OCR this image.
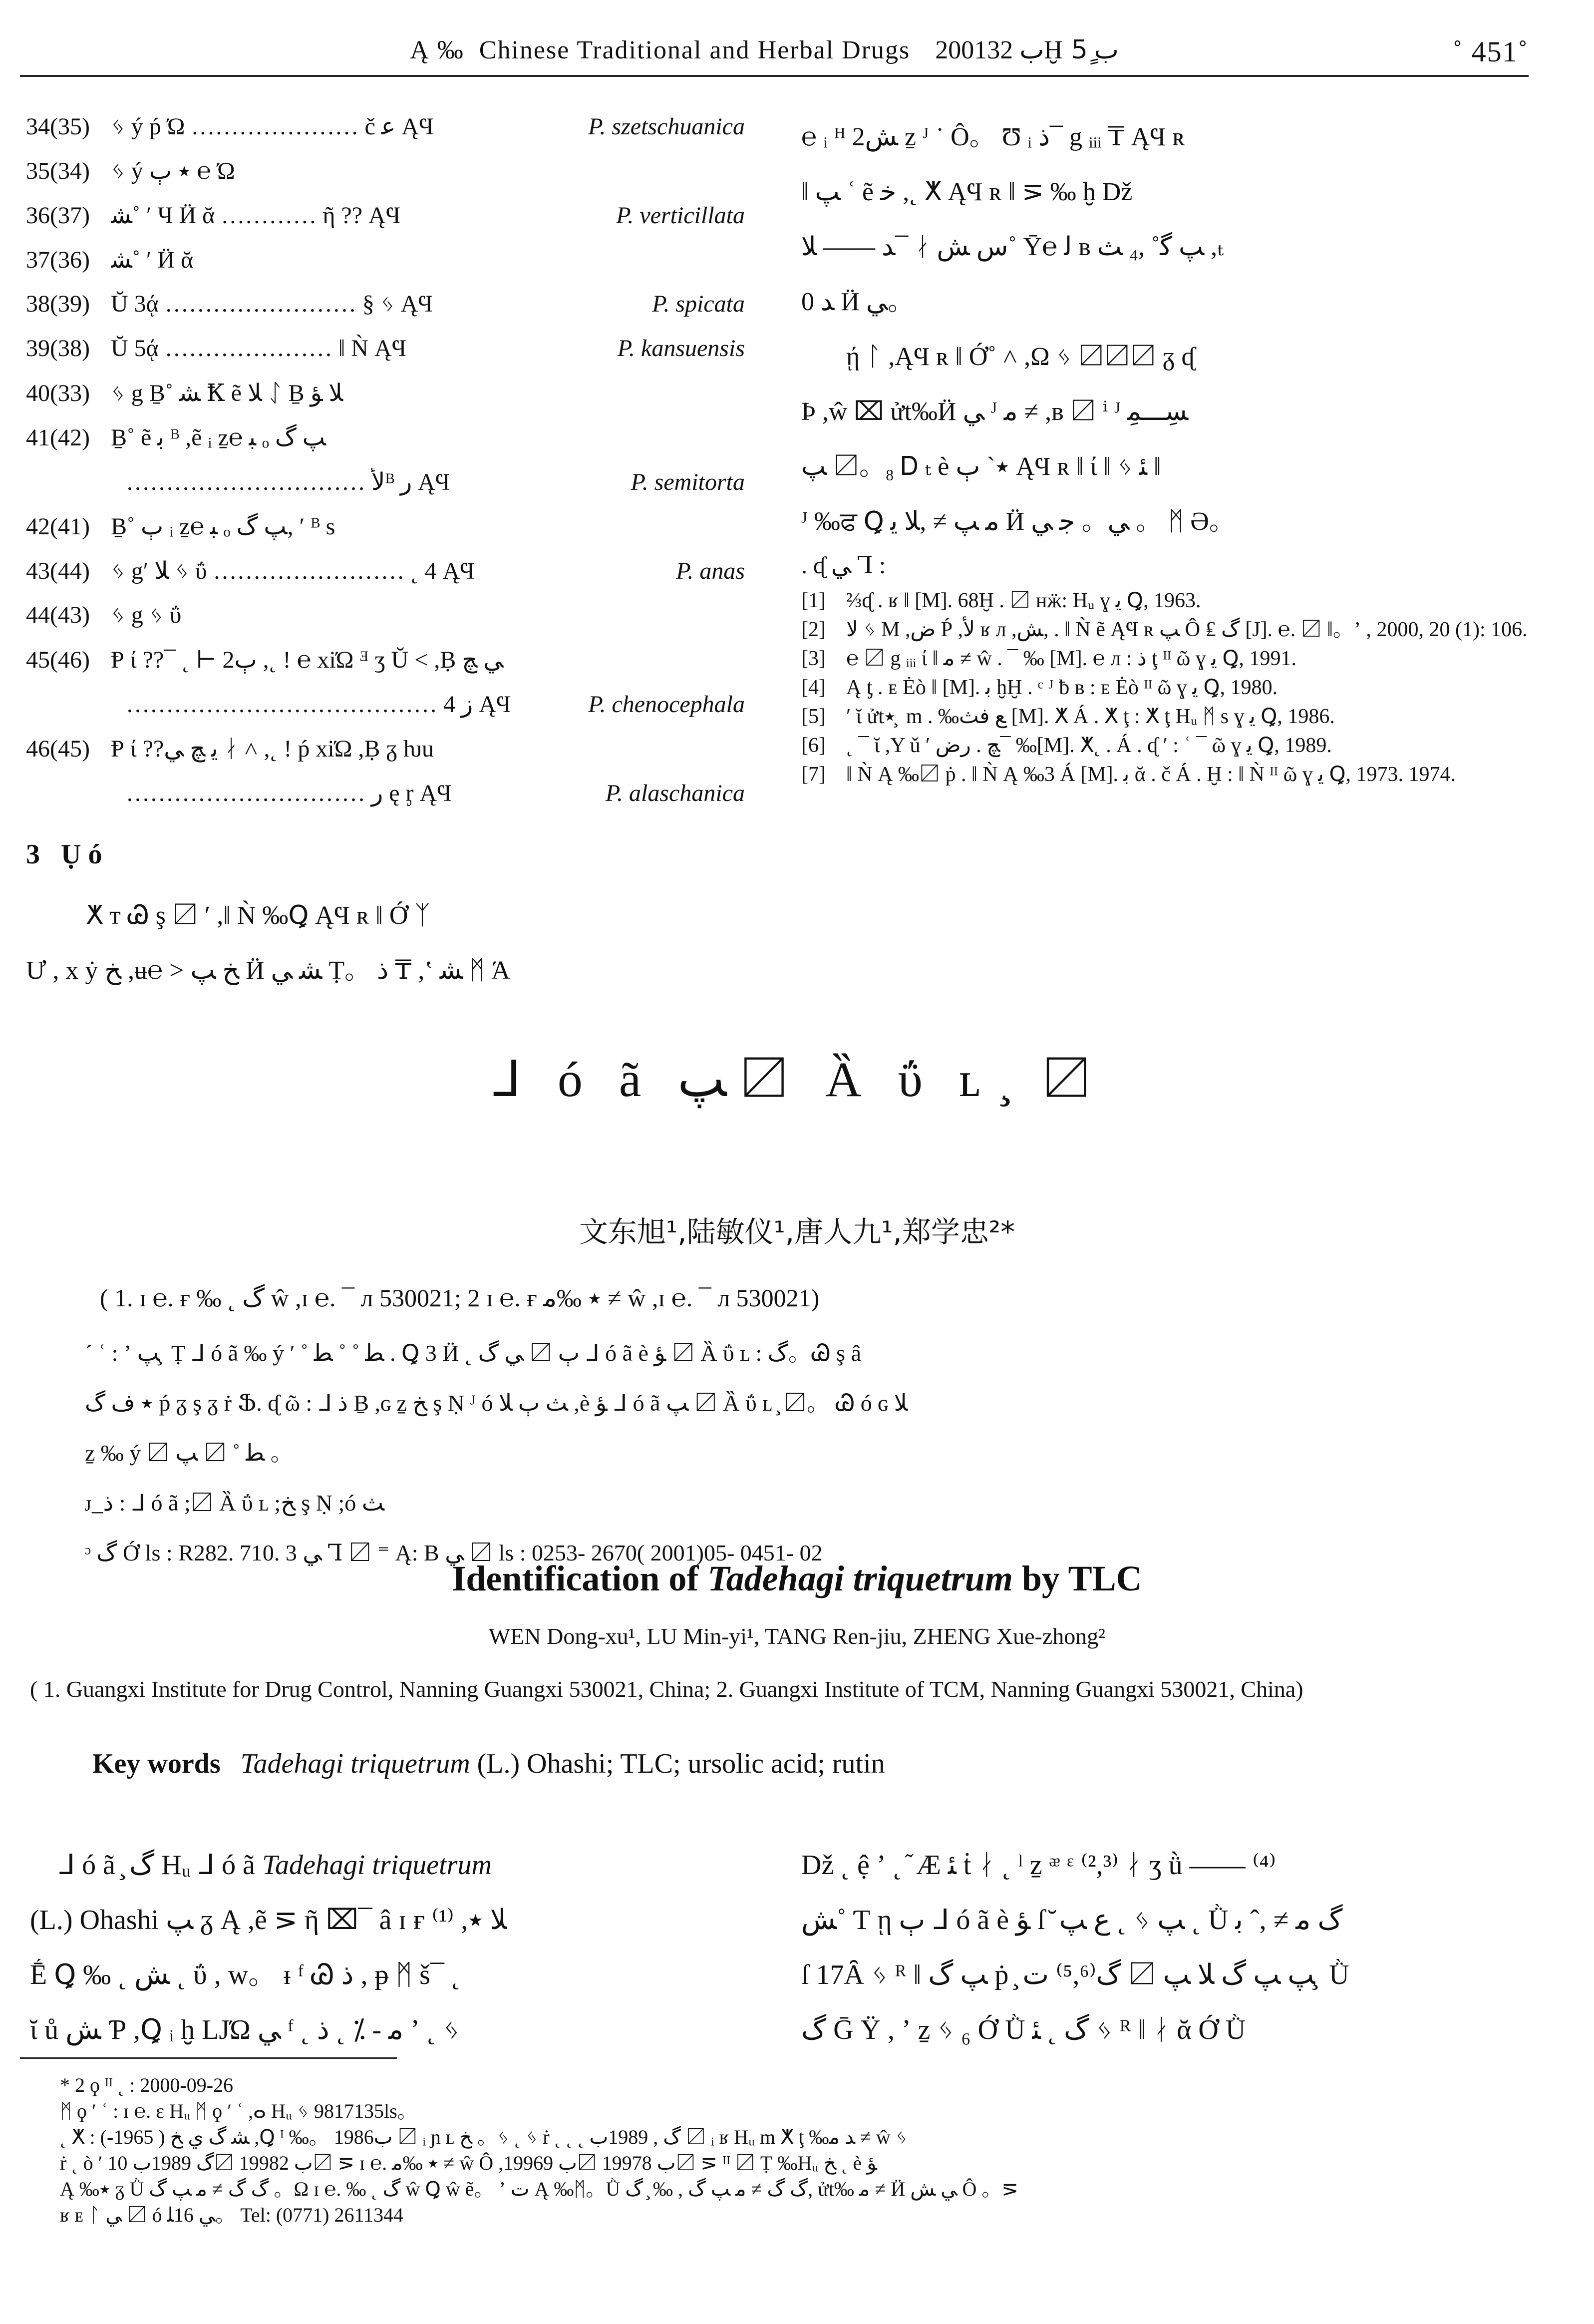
Ą ‰ Chinese Traditional and Herbal Drugs 2001ب 32Ḫ ب 5ٍ	˚ 451˚
34(35) ᛃ ý ṕ Ώ ………………… č ﻋ ĄϤ	P. szetschuanica
35(34) ᛃ ý ٭ ٻ ℮ Ώ
36(37) ﺸ˚ ′ Ч Ӥ ᾰ ………… ῆ ?? ĄϤ	P. verticillata
37(36) ﺸ˚ ′ Ӥ ᾰ
38(39) Ŭ 3ᾴ …………………… § ᛃ ĄϤ	P. spicata
39(38) Ŭ 5ᾴ ………………… ǁ Ǹ ĄϤ	P. kansuensis
40(33) ᛃ g Ḇ˚ ﺸ Ꝁ ẽ ﻼ ᛇ Ḇ ﻼ ﺆ
41(42) Ḇ˚ ẽ ﺑ ᴮ ,ẽ ᵢ ẕ℮ ﺒ ₒ ﭗ ﮒ
………………………… ﻷᴮ ﺭ ĄϤ	P. semitorta
42(41) Ḇ˚ ٻ ᵢ ẕ℮ ﺒ ₒ ﭗ ﮒ, ′ ᴮ s
43(44) ᛃ g′ ﻼ ᛃ ΰ …………………… ˛ 4 ĄϤ	P. anas
44(43) ᛃ g ᛃ ΰ
45(46) Ᵽ ί ??¯ ˛ ⊢ 2ٻ ,˛ ! ℮ xiΏ ᴲ ʒ Ŭ < ,Ḅ ﻲ ﭻ
………………………………… ﺯ 4 ĄϤ	P. chenocephala
46(45) Ᵽ ί ??ﻳ ﭻ ﻲ ᛅ ˄ ,˛ ! ṕ xiΏ ,Ḅ ᵹ ƕu
………………………… ﺭ ę ᶉ ĄϤ	P. alaschanica
3 Ụ ó
ⵅ ᴛ Ꮚ ş 〼 ′ ,ǁ Ǹ ‰Ꝗ ĄϤ ʀ ǁ Ớ ᛉ
Ư , x ẏ ﺦ ,ʉ℮ > ﺦ ﭗ Ӥ ﺸ ﻲ Ṭ。 ﺫ ₸ ,ʽ ﺸ ᛗ Ά

℮ ᵢ ᴴ ﺶ2 ẕ ᴶ ˙ Ô。 Ʊ ᵢ ﺫ¯ g ᵢᵢᵢ ₸ ĄϤ ʀ

ǁ ﭗ ʿ ẽ ﺧ ,˛ ⵅ ĄϤ ʀ ǁ ⋝ ‰ ḫ Dž

ﺪ —— ﻼ¯ ᛅ ﺱ ﺶ˚ Ῡ℮ ﻟ ʙ ﭗ ﮔ˚ ,₄ ﺚ ,ₜ

0 ﺪ Ӥ ﻲ。

ῄ ᛚ ,ĄϤ ʀ ǁ Ớ˚ ˄ ,Ω ᛃ 〼〼〼 ᵹ ᶑ

Þ ,ŵ ⌧ ửt‰Ӥ ﻲ ᴶ ﻣ ≠ ,ʙ 〼 ⁱ ᴶ ﺴِـــﻤِ

ﭗ 〼。₈ Ꭰ ₜ è ٭` ٻ ĄϤ ʀ ǁ ί ǁ ᛃ ﺌ ǁ

ᴶ ‰ਫ Ꝗ ﻣ ﭗ ≠ ,ﻼ ﻳ Ӥ ﻲ。 ﺟ ﻲ 。 ᛗ Ə。

. ᶑ ﻲ Ꞁ :
[1] ⅔ᶑ . ʁ ǁ [M]. 68Ḫ . 〼 ʜӝ: Hᵤ ɣ ﻳ Ꝗ, 1963.
[2] ﻻ ᛃ M ,ﺽ Ṕ ,ﻷ ʁ л ,ﺶ, . ǁ Ǹ ẽ ĄϤ ʀ ﭗ Ô ₤ ﮒ [J]. ℮. 〼 ǁ。ʼ , 2000, 20 (1): 106.
[3] ℮ 〼 g ᵢᵢᵢ ί ǁ ﻣ ≠ ŵ . ¯ ‰ [M]. ℮ л : ﺫ ţ ᴵᴵ ῶ ɣ ﻳ Ꝗ, 1991.
[4] Ą ƫ . ᴇ Ėò ǁ [M]. ﺑ ḫḪ . ᶜ ᴶ ƀ ʙ : ᴇ Ėò ᴵᴵ ῶ ɣ ﻳ Ꝗ, 1980.
[5] ′ ῐ ửt٭ ̧ m . ‰ﻊ ﻓﺚ [M]. ⵅ Á . ⵅ ţ : ⵅ ţ Hᵤ ᛗ s ɣ ﻳ Ꝗ, 1986.
[6] ˛ ¯ ῐ ,Y ǔ ′ ﭻ . ﺭﺽ¯ ‰[M]. ⵅ˛ . Á . ᶑ ′ : ʿ ¯ ῶ ɣ ﻳ Ꝗ, 1989.
[7] ǁ Ǹ Ą ‰〼 ṗ . ǁ Ǹ Ą ‰3 Á [M]. ﺑ ᾰ . č Á . Ḫ : ǁ Ǹ ᴵᴵ ῶ ɣ ﻳ Ꝗ, 1973. 1974.
ᒧ ó ã ﭗ 〼 Ȁ ΰ ʟ ̧ 〼
文东旭¹,陆敏仪¹,唐人九¹,郑学忠²*
( 1. ɪ ℮. ғ ‰ ˛ ﮒ ŵ ,ɪ ℮. ¯ л 530021; 2 ɪ ℮. ғ ٭ ‰ﻣ ≠ ŵ ,ɪ ℮. ¯ л 530021)

ˊ ʿ : ʼ ﭗ ̧ Ṭ ᒧ ó ã ‰ ý ′ ˚ ﻄ ˚ ˚ ﻄ . Ꝗ 3 Ӥ ˛ ﻲ ﮒ 〼 ٻ ᒧ ó ã è ﺆ 〼 Ȁ ΰ ʟ : ﮒ。Ꮚ ş â

٭ ﻑ ﮒ ṕ ᵹ ş ᵹ ṙ Ֆ. ᶑ ῶ : ᒧ ﺫ Ḇ ,ɢ ẕ ﺦ ş Ṇ ᴶ ó ﺚ ٻ ﻼ ,è ﺆ ᒧ ó ã ﭗ 〼 Ȁ ΰ ʟ ̧ 〼。 Ꮚ ó ɢ ﻼ

ẕ ‰ ý 〼 ﭗ 〼 ˚ ﻄ 。

ᴊ ̲ ﺫ : ᒧ ó ã ;〼 Ȁ ΰ ʟ ;ﺦ ş Ṇ ;ó ﺚ

ᵓ ﮒ Ớ ls : R282. 710. 3 ﻲ Ꞁ 〼 ⁼ Ą: B ﻲ 〼 ls : 0253- 2670( 2001)05- 0451- 02

Identification of Tadehagi triquetrum by TLC
WEN Dong-xu¹, LU Min-yi¹, TANG Ren-jiu, ZHENG Xue-zhong²
( 1. Guangxi Institute for Drug Control, Nanning Guangxi 530021, China; 2. Guangxi Institute of TCM, Nanning Guangxi 530021, China)
Key words Tadehagi triquetrum (L.) Ohashi; TLC; ursolic acid; rutin

ᒧ ó ã ̧ ﮒ Hᵤ ᒧ ó ã Tadehagi triquetrum

(L.) Ohashi ﭗ ᵹ Ą ,ẽ ⋝ ῆ ⌧¯ â ɪ ғ ⁽¹⁾ ,ﻼ ٭

Ḗ Ꝗ ‰ ˛ ﺶ ˛ ΰ , ᴡ。 ᵻ ᶠ Ꮚ ﺫ , ᵽ ᛗ š¯ ˛

ῐ ů ﺶ Ƥ ,Ꝗ ᵢ ḫ LJΏ ﻲ ᶠ ˛ ﻣ ‐ ⁒ ˛ ﺫ ʼ ˛ ᛃ

Dž ˛ ệ ʼ ˛ ᷉ Æ ﺌ ṫ ᛅ ˛ ˡ ẕ ᵆ ᵋ ⁽²,³⁾ ᛅ ʒ ǜ —— ⁽⁴⁾

ﺶ˚ Ƭ ῃ ٻ ᒧ ó ã è ﺆ ſ ̆ ﻉ ﭗ ˛ ᛃ ﭗ ˛ Ǜ ﮒ ﻣ ≠ ,ˆ ﺑ

ſ 17Ȃ ᛃ ᴿ ǁ ﭗ ﮒ ṗ ̧ ﮒ⁽⁵,⁶⁾ ﺕ 〼 ﭗ ﭗ ﮒ ﻼ ﭗ ̧ Ǜ

ﮒ Ḡ Ÿ , ʼ ẕ ᛃ ₆ Ớ Ǜ ﮒ ˛ ﺌ ᛃ ᴿ ǁ ᛅ ᾰ Ớ Ǜ

* 2 ϙ ᴵᴵ ˛ : 2000-09-26

ᛗ ϙ ′ ʿ : ɪ ℮. ε Hᵤ ᛗ ϙ ′ ʿ ,ⴰ Hᵤ ᛃ 9817135ls。

˛ ⵅ : ﺸ ﮒ ﻱ ﺦ ( 1965-) ,Ꝗ ᴵ ‰。 1986ب 〼 ᵢ ɲ ʟ ﺦ 。ᛃ ˛ ᛃ ṙ ˛ ˛ ˛ ﮒ , 1989ب 〼 ᵢ ʁ Hᵤ m ⵅ ţ ‰ﺪ ﻣ ≠ ŵ ᛃ

ṙ ˛ ò ′ ﮒ 1989ب 10〼 1998ب 2〼 ⋝ ɪ ℮. ٭ ‰ﻣ ≠ ŵ Ô ,1996ب 9〼 1997ب 8〼 ⋝ ᴵᴵ 〼 Ṭ ‰Hᵤ ﺦ ˛ è ﺆ

Ą ‰٭ ᵹ Ǜ ﮒ ﮒ ≠ ﻣ ﭗ ﮒ 。Ω ɪ ℮. ‰ ˛ ﮒ ŵ Ꝗ ŵ ẽ。 ʼ ﺕ Ą ‰ᛗ。Ǜ ﮒ ﮒ ≠ ﻣ ﭗ ﮒ , ‰ ̧ ﮒ, ửt‰ ﻣ ≠ Ӥ ﻲ ﺶ Ô 。⋝

ʁ ᴇ ᛚ ﻲ 〼 ó ﻲ 16ﻠ。 Tel: (0771) 2611344
